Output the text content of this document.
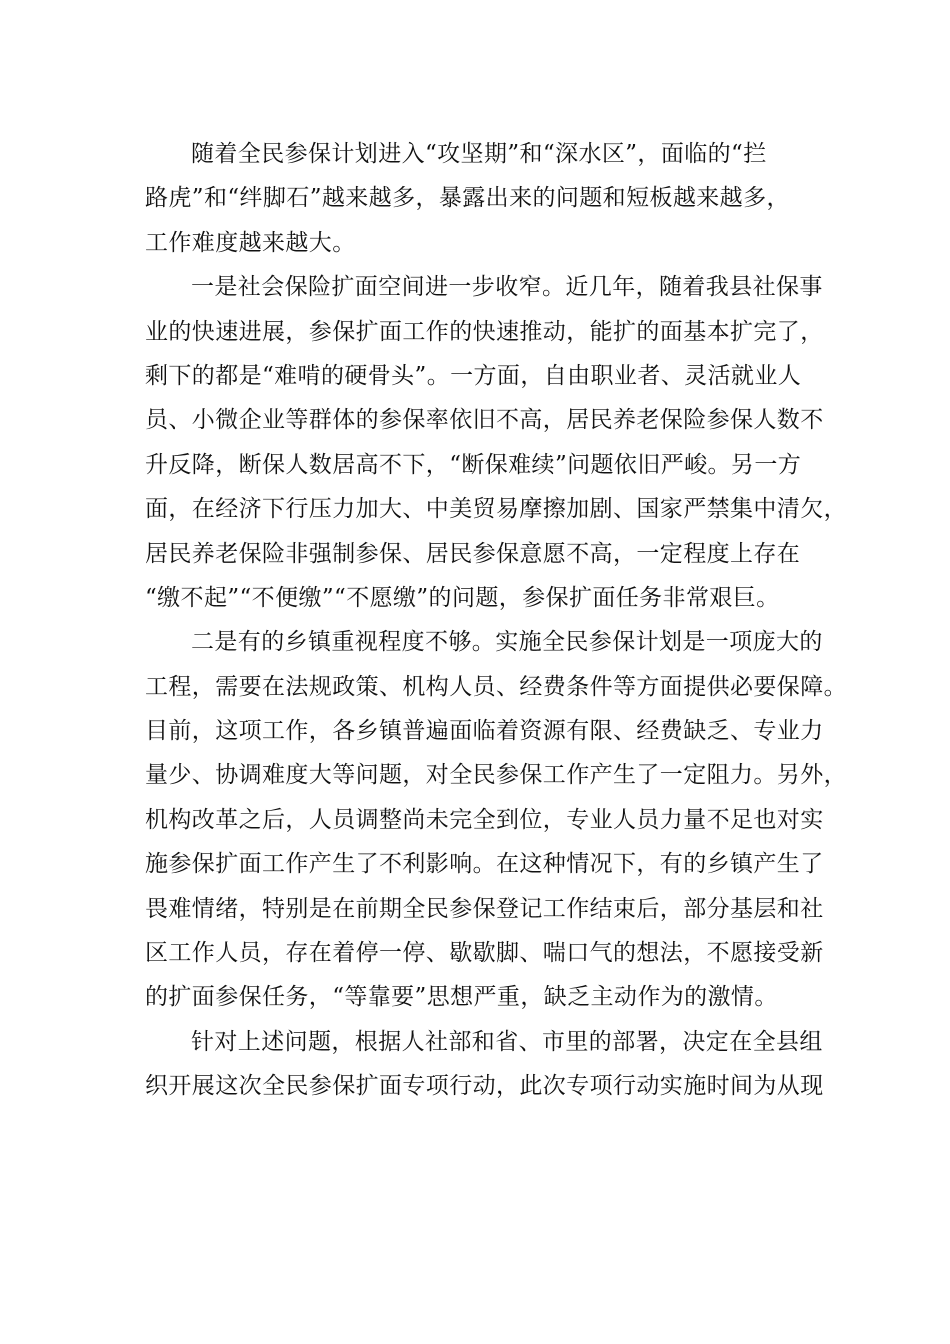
随着全民参保计划进入“攻坚期”和“深水区”，面临的“拦
路虎”和“绊脚石”越来越多，暴露出来的问题和短板越来越多，
工作难度越来越大。
一是社会保险扩面空间进一步收窄。近几年，随着我县社保事
业的快速进展，参保扩面工作的快速推动，能扩的面基本扩完了，
剩下的都是“难啃的硬骨头”。一方面，自由职业者、灵活就业人
员、小微企业等群体的参保率依旧不高，居民养老保险参保人数不
升反降，断保人数居高不下，“断保难续”问题依旧严峻。另一方
面，在经济下行压力加大、中美贸易摩擦加剧、国家严禁集中清欠，
居民养老保险非强制参保、居民参保意愿不高，一定程度上存在
“缴不起”“不便缴”“不愿缴”的问题，参保扩面任务非常艰巨。
二是有的乡镇重视程度不够。实施全民参保计划是一项庞大的
工程，需要在法规政策、机构人员、经费条件等方面提供必要保障。
目前，这项工作，各乡镇普遍面临着资源有限、经费缺乏、专业力
量少、协调难度大等问题，对全民参保工作产生了一定阻力。另外，
机构改革之后，人员调整尚未完全到位，专业人员力量不足也对实
施参保扩面工作产生了不利影响。在这种情况下，有的乡镇产生了
畏难情绪，特别是在前期全民参保登记工作结束后，部分基层和社
区工作人员，存在着停一停、歇歇脚、喘口气的想法，不愿接受新
的扩面参保任务，“等靠要”思想严重，缺乏主动作为的激情。
针对上述问题，根据人社部和省、市里的部署，决定在全县组
织开展这次全民参保扩面专项行动，此次专项行动实施时间为从现
